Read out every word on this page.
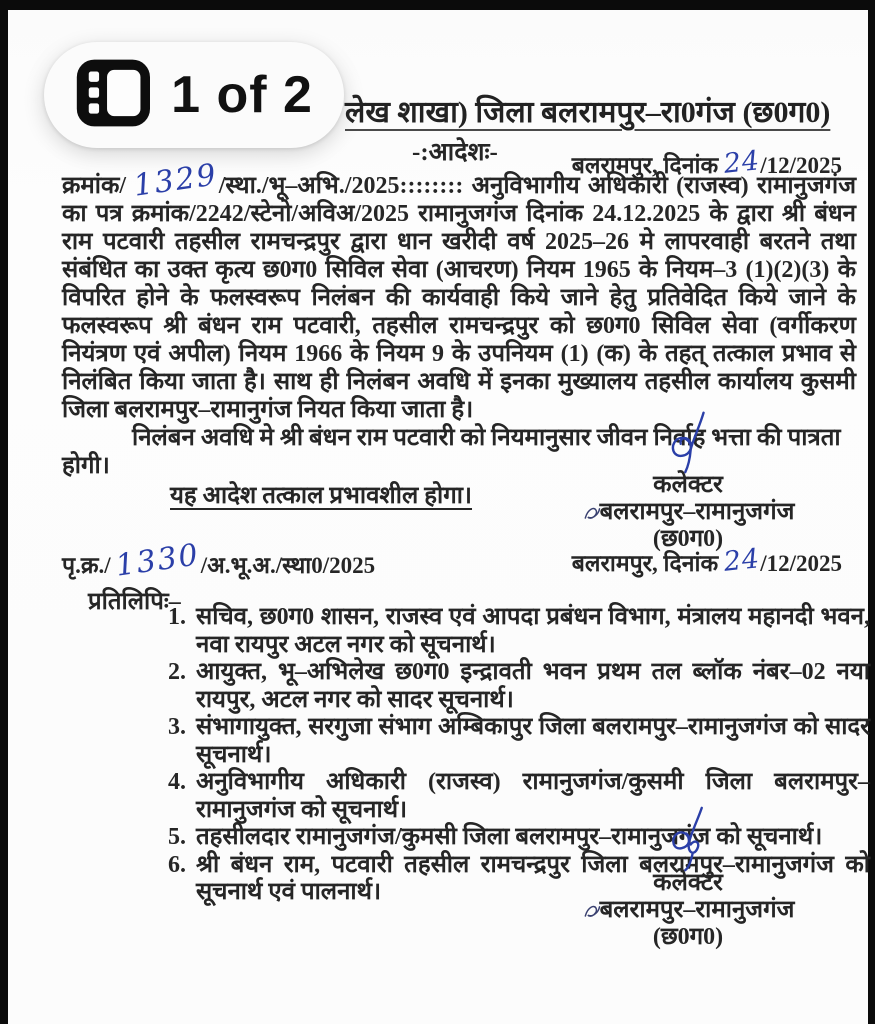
1 of 2 लेख शाखा) जिला बलरामपुर–रा0गंज (छ0ग0)
-:आदेशः-	बलरामपुर, दिनांक 24/12/2025

क्रमांक/ 1329/स्था./भू–अभि./2025:::::::: अनुविभागीय अधिकारी (राजस्व) रामानुजगंज का पत्र क्रमांक/2242/स्टेनो/अविअ/2025 रामानुजगंज दिनांक 24.12.2025 के द्वारा श्री बंधन राम पटवारी तहसील रामचन्द्रपुर द्वारा धान खरीदी वर्ष 2025–26 मे लापरवाही बरतने तथा संबंधित का उक्त कृत्य छ0ग0 सिविल सेवा (आचरण) नियम 1965 के नियम–3 (1)(2)(3) के विपरित होने के फलस्वरूप निलंबन की कार्यवाही किये जाने हेतु प्रतिवेदित किये जाने के फलस्वरूप श्री बंधन राम पटवारी, तहसील रामचन्द्रपुर को छ0ग0 सिविल सेवा (वर्गीकरण नियंत्रण एवं अपील) नियम 1966 के नियम 9 के उपनियम (1) (क) के तहत् तत्काल प्रभाव से निलंबित किया जाता है। साथ ही निलंबन अवधि में इनका मुख्यालय तहसील कार्यालय कुसमी जिला बलरामपुर–रामानुगंज नियत किया जाता है।

निलंबन अवधि मे श्री बंधन राम पटवारी को नियमानुसार जीवन निर्वाह भत्ता की पात्रता होगी।

यह आदेश तत्काल प्रभावशील होगा।	कलेक्टर
बलरामपुर–रामानुजगंज
(छ0ग0)
पृ.क्र./ 1330/अ.भू.अ./स्था0/2025	बलरामपुर, दिनांक 24/12/2025
प्रतिलिपिः–
1. सचिव, छ0ग0 शासन, राजस्व एवं आपदा प्रबंधन विभाग, मंत्रालय महानदी भवन, नवा रायपुर अटल नगर को सूचनार्थ।
2. आयुक्त, भू–अभिलेख छ0ग0 इन्द्रावती भवन प्रथम तल ब्लॉक नंबर–02 नया रायपुर, अटल नगर को सादर सूचनार्थ।
3. संभागायुक्त, सरगुजा संभाग अम्बिकापुर जिला बलरामपुर–रामानुजगंज को सादर सूचनार्थ।
4. अनुविभागीय अधिकारी (राजस्व) रामानुजगंज/कुसमी जिला बलरामपुर–रामानुजगंज को सूचनार्थ।
5. तहसीलदार रामानुजगंज/कुमसी जिला बलरामपुर–रामानुजगंज को सूचनार्थ।
6. श्री बंधन राम, पटवारी तहसील रामचन्द्रपुर जिला बलरामपुर–रामानुजगंज को सूचनार्थ एवं पालनार्थ।	कलेक्टर
बलरामपुर–रामानुजगंज
(छ0ग0)
